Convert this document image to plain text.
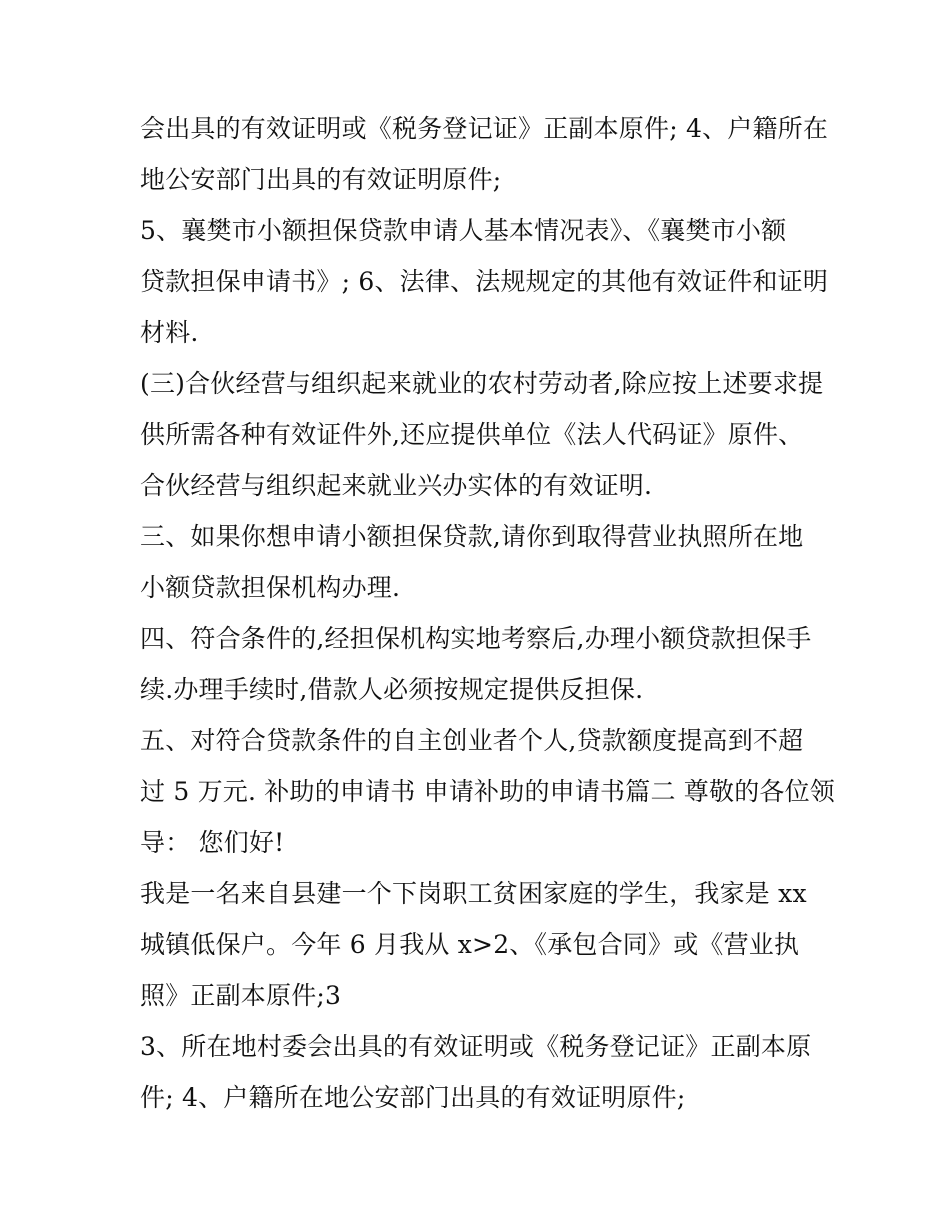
会出具的有效证明或《税务登记证》正副本原件; 4、户籍所在
地公安部门出具的有效证明原件;
5、襄樊市小额担保贷款申请人基本情况表》、《襄樊市小额
贷款担保申请书》; 6、法律、法规规定的其他有效证件和证明
材料.
(三)合伙经营与组织起来就业的农村劳动者,除应按上述要求提
供所需各种有效证件外,还应提供单位《法人代码证》原件、
合伙经营与组织起来就业兴办实体的有效证明.
三、如果你想申请小额担保贷款,请你到取得营业执照所在地
小额贷款担保机构办理.
四、符合条件的,经担保机构实地考察后,办理小额贷款担保手
续.办理手续时,借款人必须按规定提供反担保.
五、对符合贷款条件的自主创业者个人,贷款额度提高到不超
过 5 万元. 补助的申请书 申请补助的申请书篇二 尊敬的各位领
导： 您们好!
我是一名来自县建一个下岗职工贫困家庭的学生，我家是 xx
城镇低保户。今年 6 月我从 x>2、《承包合同》或《营业执
照》正副本原件;3
3、所在地村委会出具的有效证明或《税务登记证》正副本原
件; 4、户籍所在地公安部门出具的有效证明原件;
